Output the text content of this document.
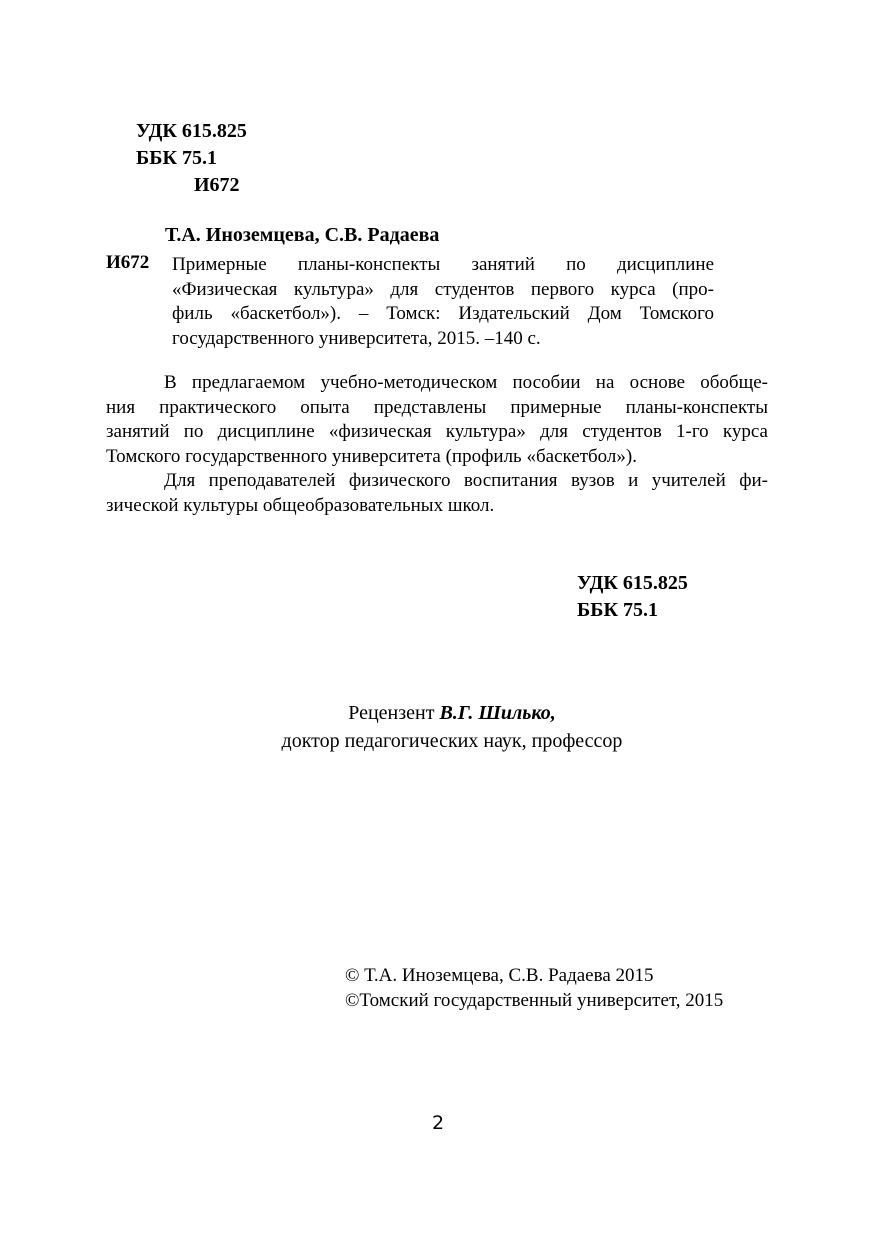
УДК 615.825
ББК 75.1
И672
Т.А. Иноземцева, С.В. Радаева
И672 Примерные планы-конспекты занятий по дисциплине
«Физическая культура» для студентов первого курса (про-
филь «баскетбол»). – Томск: Издательский Дом Томского
государственного университета, 2015. –140 с.
В предлагаемом учебно-методическом пособии на основе обобще-
ния практического опыта представлены примерные планы-конспекты
занятий по дисциплине «физическая культура» для студентов 1-го курса
Томского государственного университета (профиль «баскетбол»).
Для преподавателей физического воспитания вузов и учителей фи-
зической культуры общеобразовательных школ.
УДК 615.825
ББК 75.1
Рецензент В.Г. Шилько,
доктор педагогических наук, профессор
© Т.А. Иноземцева, С.В. Радаева 2015
©Томский государственный университет, 2015
2
